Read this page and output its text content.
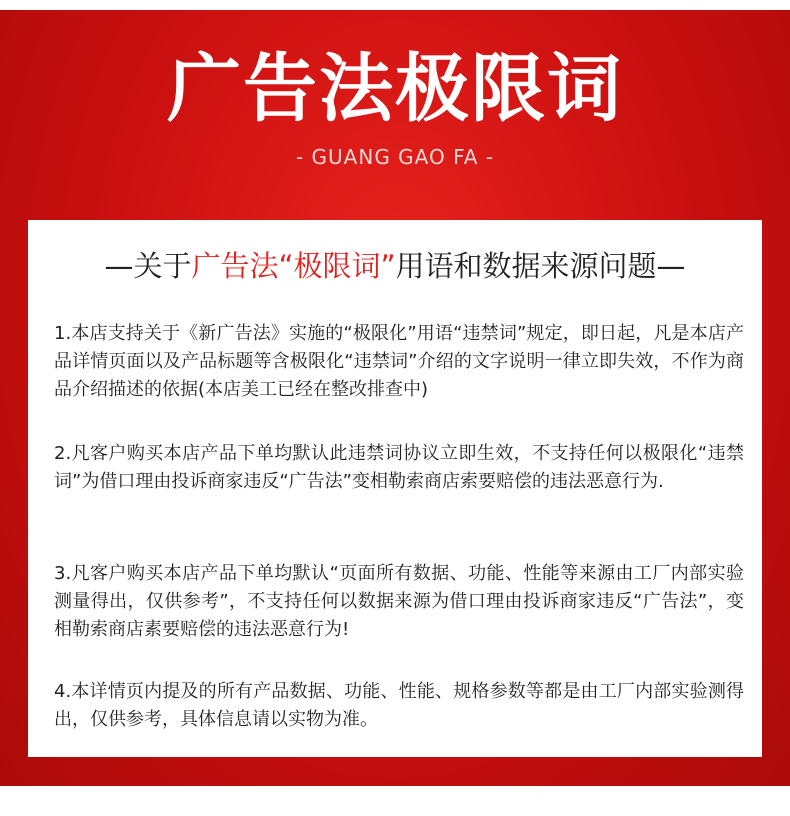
广告法极限词
- GUANG GAO FA -
—关于广告法“极限词”用语和数据来源问题—

1.本店支持关于《新广告法》实施的“极限化”用语“违禁词”规定，即日起，凡是本店产品详情页面以及产品标题等含极限化“违禁词”介绍的文字说明一律立即失效，不作为商品介绍描述的依据(本店美工已经在整改排查中)

2.凡客户购买本店产品下单均默认此违禁词协议立即生效，不支持任何以极限化“违禁词”为借口理由投诉商家违反“广告法”变相勒索商店索要赔偿的违法恶意行为.

3.凡客户购买本店产品下单均默认“页面所有数据、功能、性能等来源由工厂内部实验测量得出，仅供参考”，不支持任何以数据来源为借口理由投诉商家违反“广告法”，变相勒索商店素要赔偿的违法恶意行为!

4.本详情页内提及的所有产品数据、功能、性能、规格参数等都是由工厂内部实验测得出，仅供参考，具体信息请以实物为准。
